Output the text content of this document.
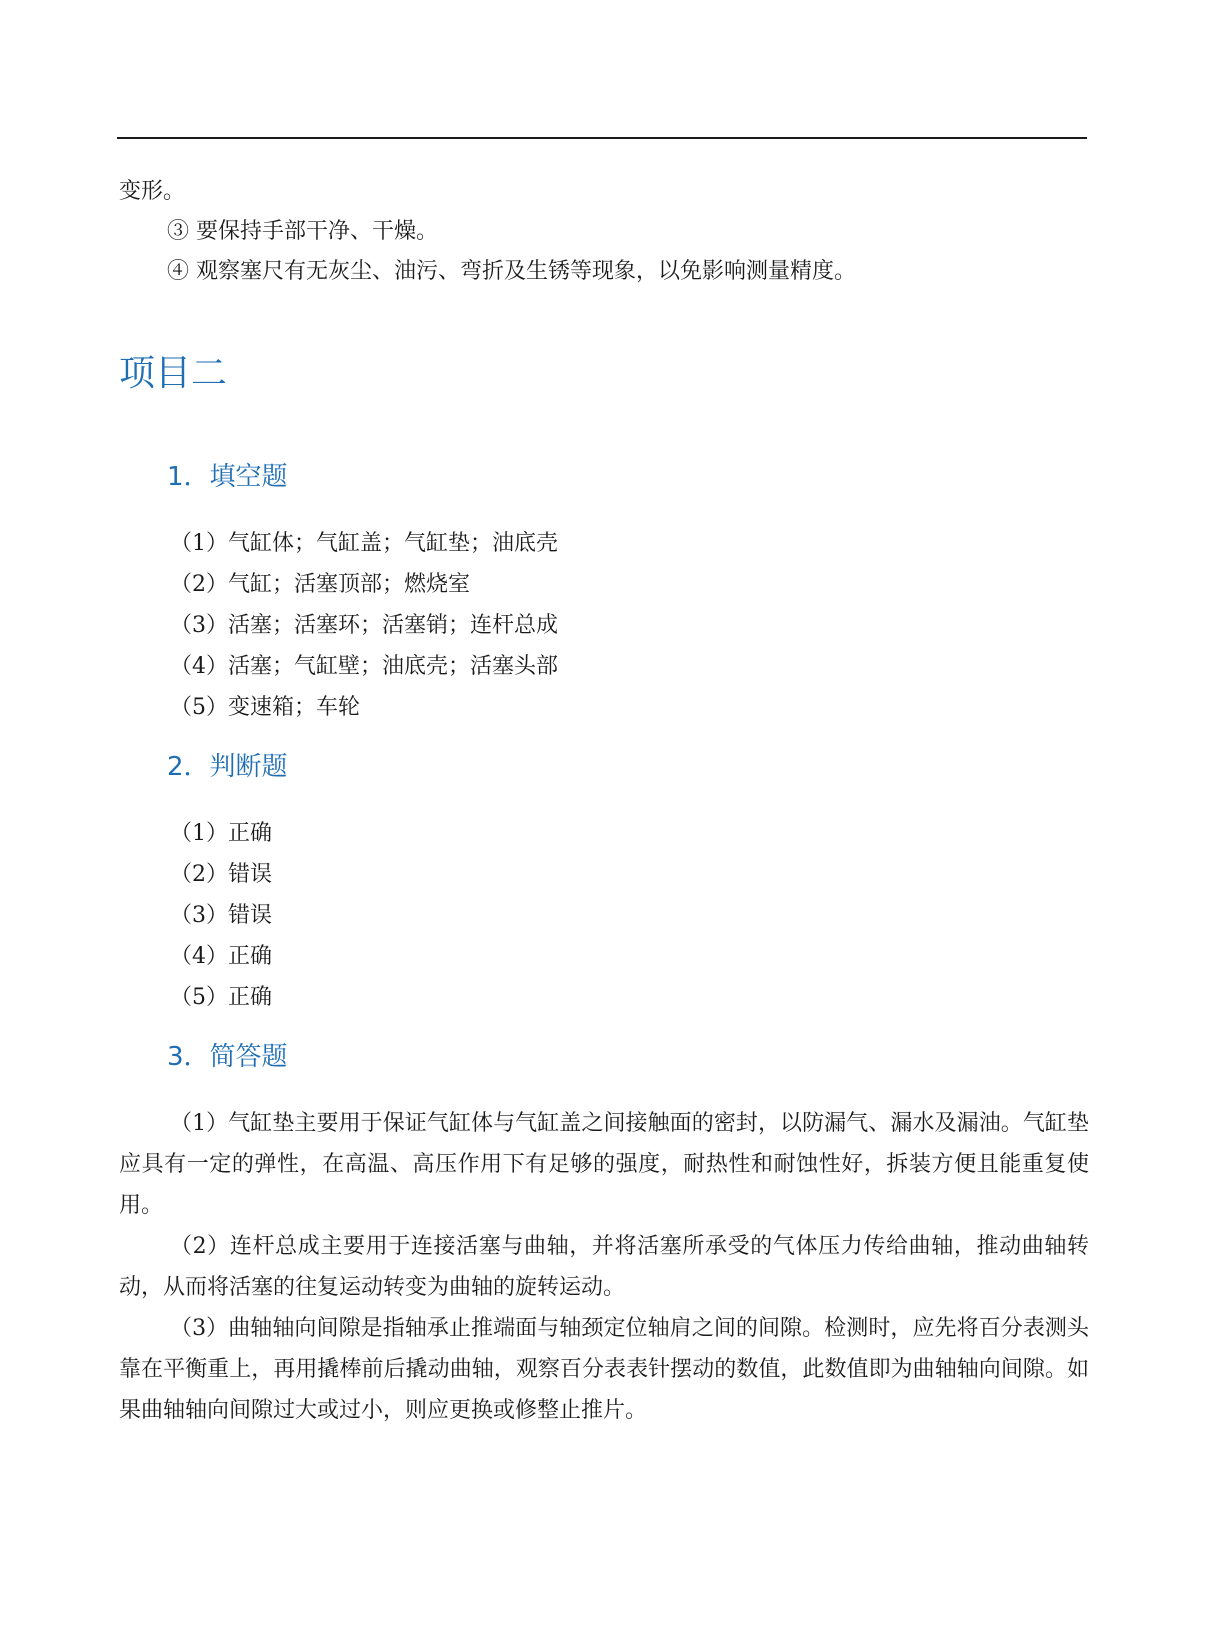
变形。
③ 要保持手部干净、干燥。
④ 观察塞尺有无灰尘、油污、弯折及生锈等现象，以免影响测量精度。
项目二
1．填空题
（1）气缸体；气缸盖；气缸垫；油底壳
（2）气缸；活塞顶部；燃烧室
（3）活塞；活塞环；活塞销；连杆总成
（4）活塞；气缸壁；油底壳；活塞头部
（5）变速箱；车轮
2．判断题
（1）正确
（2）错误
（3）错误
（4）正确
（5）正确
3．简答题

（1）气缸垫主要用于保证气缸体与气缸盖之间接触面的密封，以防漏气、漏水及漏油。气缸垫应具有一定的弹性，在高温、高压作用下有足够的强度，耐热性和耐蚀性好，拆装方便且能重复使用。

（2）连杆总成主要用于连接活塞与曲轴，并将活塞所承受的气体压力传给曲轴，推动曲轴转动，从而将活塞的往复运动转变为曲轴的旋转运动。

（3）曲轴轴向间隙是指轴承止推端面与轴颈定位轴肩之间的间隙。检测时，应先将百分表测头靠在平衡重上，再用撬棒前后撬动曲轴，观察百分表表针摆动的数值，此数值即为曲轴轴向间隙。如果曲轴轴向间隙过大或过小，则应更换或修整止推片。
